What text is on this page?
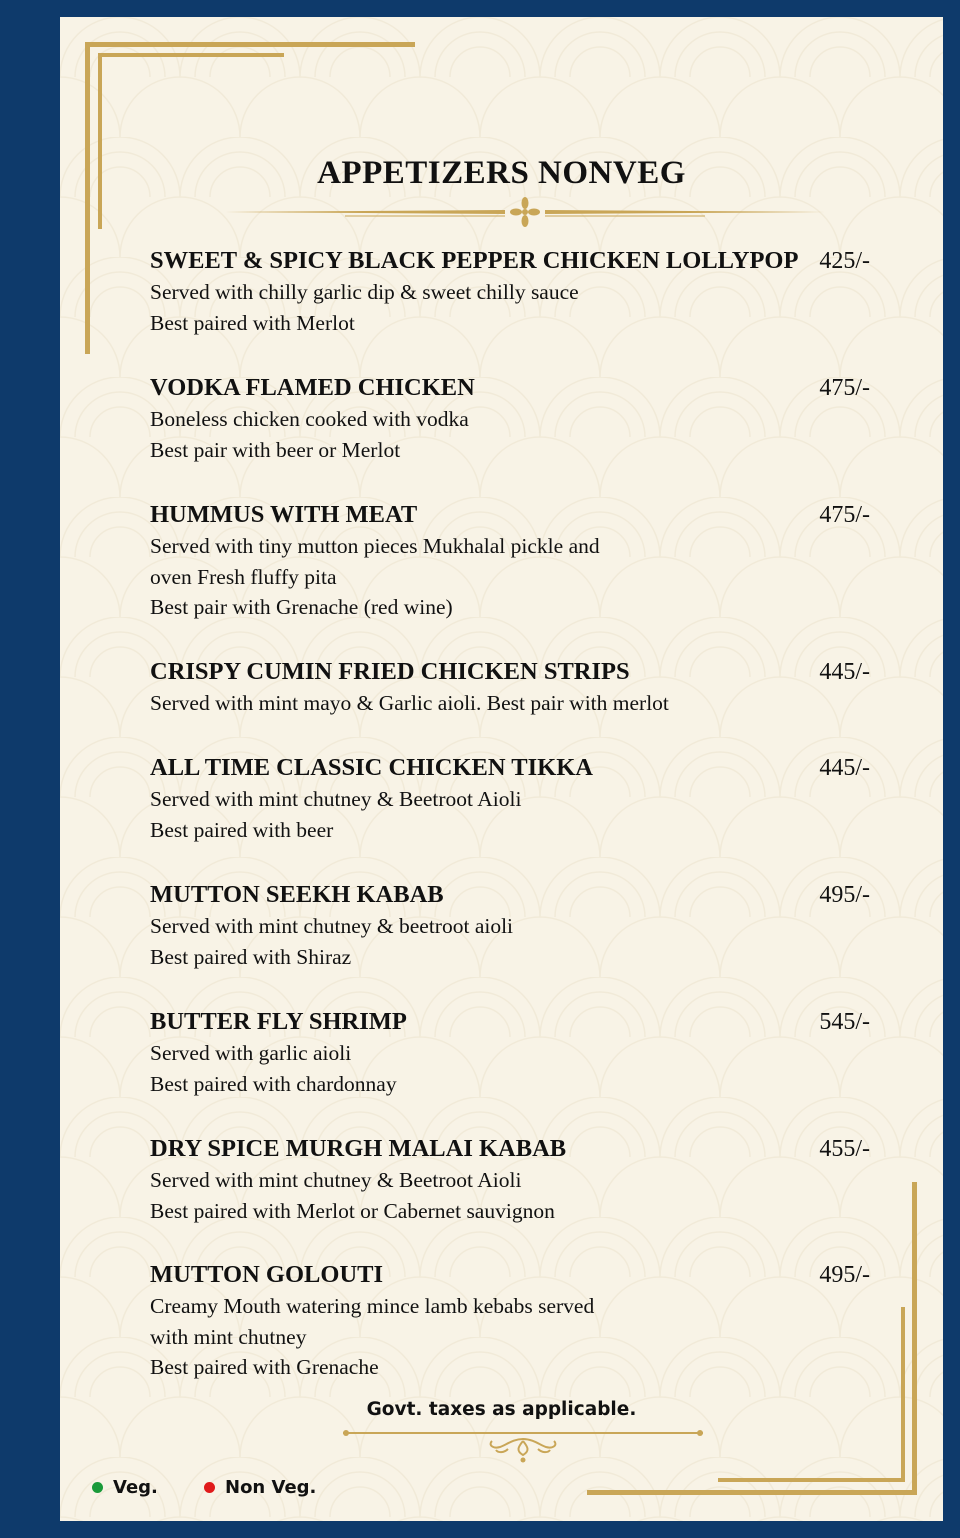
APPETIZERS NONVEG
SWEET & SPICY BLACK PEPPER CHICKEN LOLLYPOP 425/-
Served with chilly garlic dip & sweet chilly sauce
Best paired with Merlot
VODKA FLAMED CHICKEN	475/-
Boneless chicken cooked with vodka
Best pair with beer or Merlot
HUMMUS WITH MEAT	475/-
Served with tiny mutton pieces Mukhalal pickle and
oven Fresh fluffy pita
Best pair with Grenache (red wine)
CRISPY CUMIN FRIED CHICKEN STRIPS	445/-
Served with mint mayo & Garlic aioli. Best pair with merlot
ALL TIME CLASSIC CHICKEN TIKKA	445/-
Served with mint chutney & Beetroot Aioli
Best paired with beer
MUTTON SEEKH KABAB	495/-
Served with mint chutney & beetroot aioli
Best paired with Shiraz
BUTTER FLY SHRIMP	545/-
Served with garlic aioli
Best paired with chardonnay
DRY SPICE MURGH MALAI KABAB	455/-
Served with mint chutney & Beetroot Aioli
Best paired with Merlot or Cabernet sauvignon
MUTTON GOLOUTI	495/-
Creamy Mouth watering mince lamb kebabs served
with mint chutney
Best paired with Grenache
Govt. taxes as applicable.
Veg.	Non Veg.
